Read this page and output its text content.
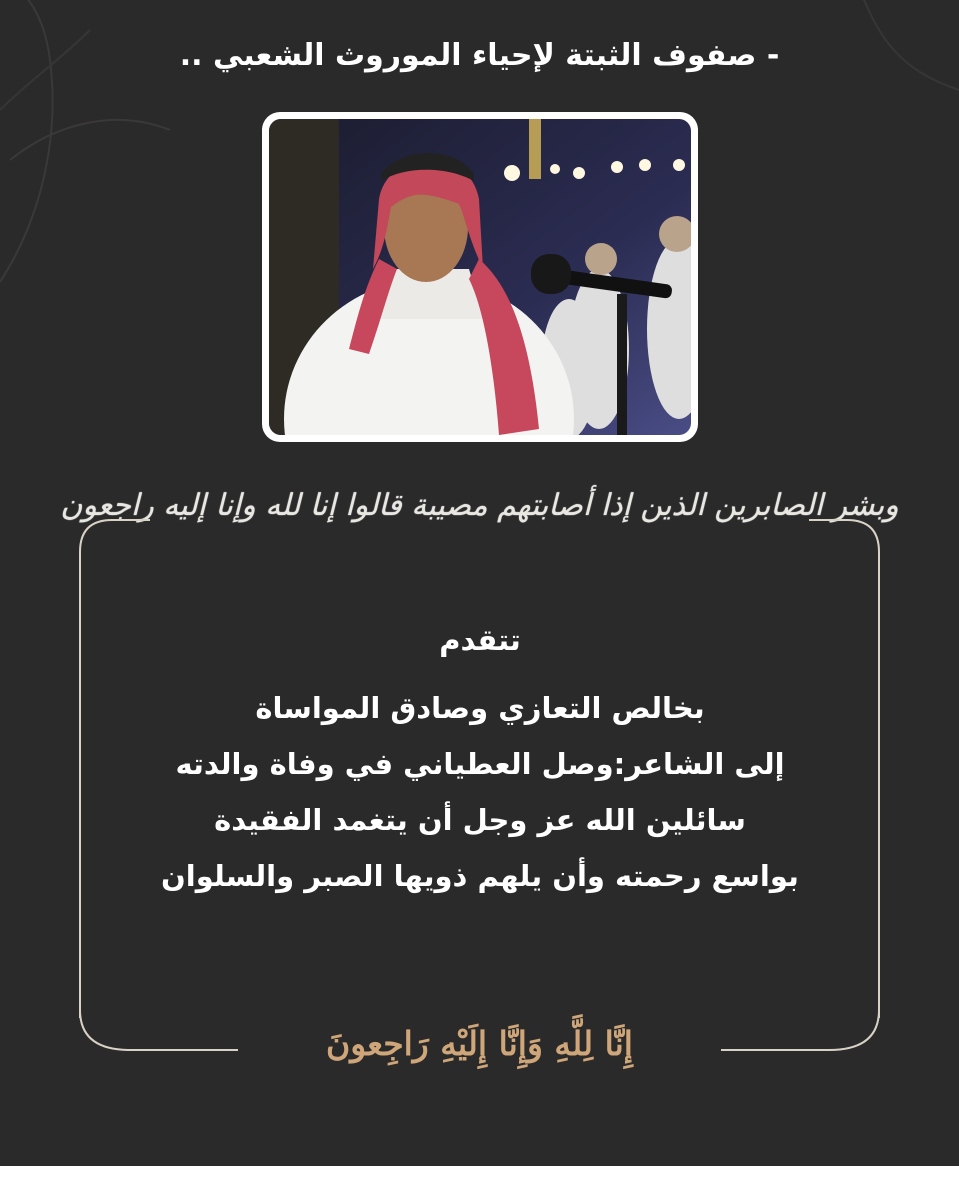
- صفوف الثبتة لإحياء الموروث الشعبي ..
وبشر الصابرين الذين إذا أصابتهم مصيبة قالوا إنا لله وإنا إليه راجعون
تتقدم
بخالص التعازي وصادق المواساة
إلى الشاعر:وصل العطياني في وفاة والدته
سائلين الله عز وجل أن يتغمد الفقيدة
بواسع رحمته وأن يلهم ذويها الصبر والسلوان
إِنَّا لِلَّهِ وَإِنَّا إِلَيْهِ رَاجِعونَ
